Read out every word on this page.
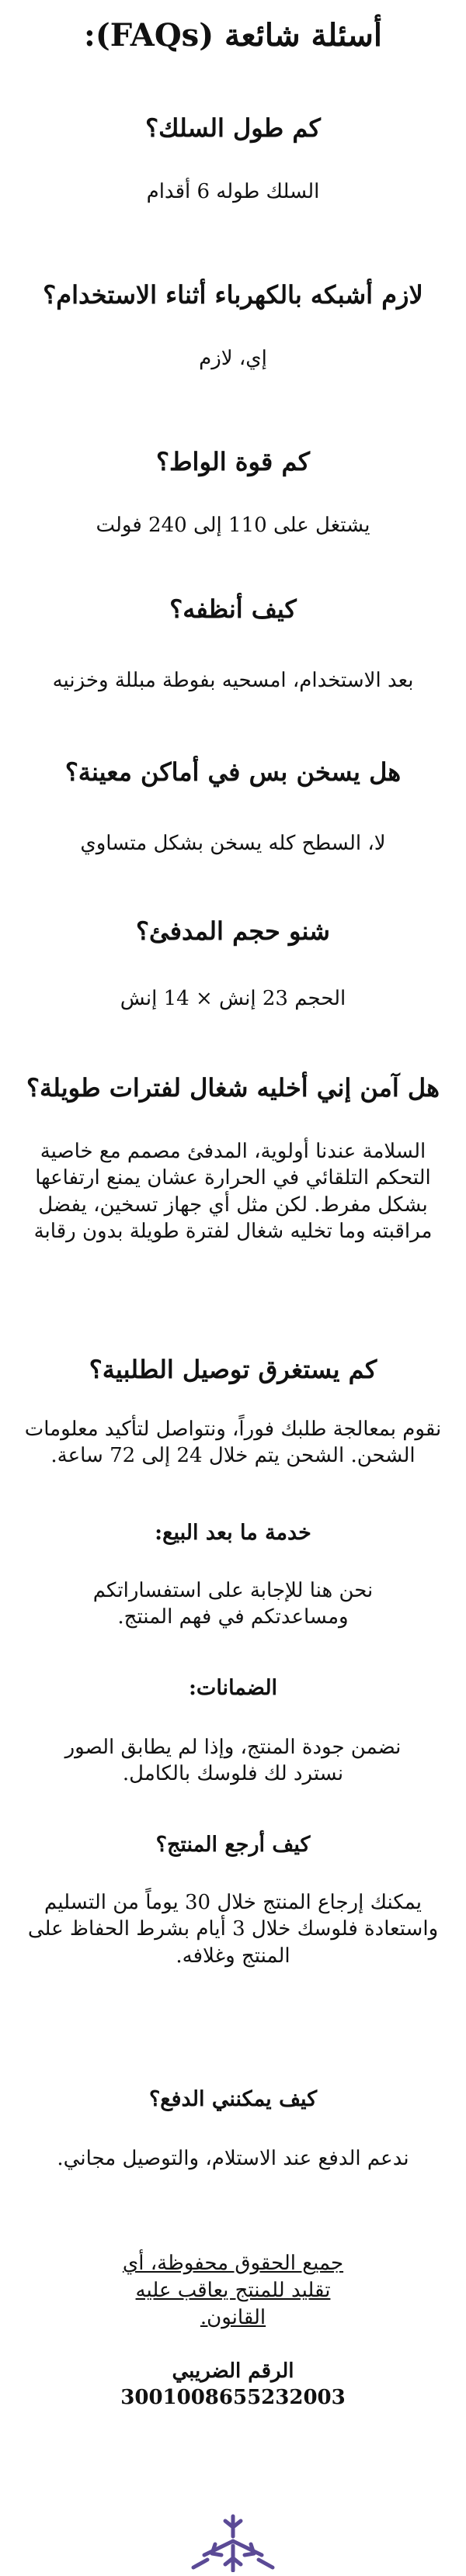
أسئلة شائعة (FAQs):
كم طول السلك؟
السلك طوله 6 أقدام
لازم أشبكه بالكهرباء أثناء الاستخدام؟
إي، لازم
كم قوة الواط؟
يشتغل على 110 إلى 240 فولت
كيف أنظفه؟
بعد الاستخدام، امسحيه بفوطة مبللة وخزنيه
هل يسخن بس في أماكن معينة؟
لا، السطح كله يسخن بشكل متساوي
شنو حجم المدفئ؟
الحجم 23 إنش × 14 إنش
هل آمن إني أخليه شغال لفترات طويلة؟
السلامة عندنا أولوية، المدفئ مصمم مع خاصية التحكم التلقائي في الحرارة عشان يمنع ارتفاعها بشكل مفرط. لكن مثل أي جهاز تسخين، يفضل مراقبته وما تخليه شغال لفترة طويلة بدون رقابة
كم يستغرق توصيل الطلبية؟
نقوم بمعالجة طلبك فوراً، ونتواصل لتأكيد معلومات الشحن. الشحن يتم خلال 24 إلى 72 ساعة.
خدمة ما بعد البيع:
نحن هنا للإجابة على استفساراتكم ومساعدتكم في فهم المنتج.
الضمانات:
نضمن جودة المنتج، وإذا لم يطابق الصور نسترد لك فلوسك بالكامل.
كيف أرجع المنتج؟
يمكنك إرجاع المنتج خلال 30 يوماً من التسليم واستعادة فلوسك خلال 3 أيام بشرط الحفاظ على المنتج وغلافه.
كيف يمكنني الدفع؟
ندعم الدفع عند الاستلام، والتوصيل مجاني.
جميع الحقوق محفوظة، أي تقليد للمنتج يعاقب عليه القانون.
الرقم الضريبي
3001008655232003
